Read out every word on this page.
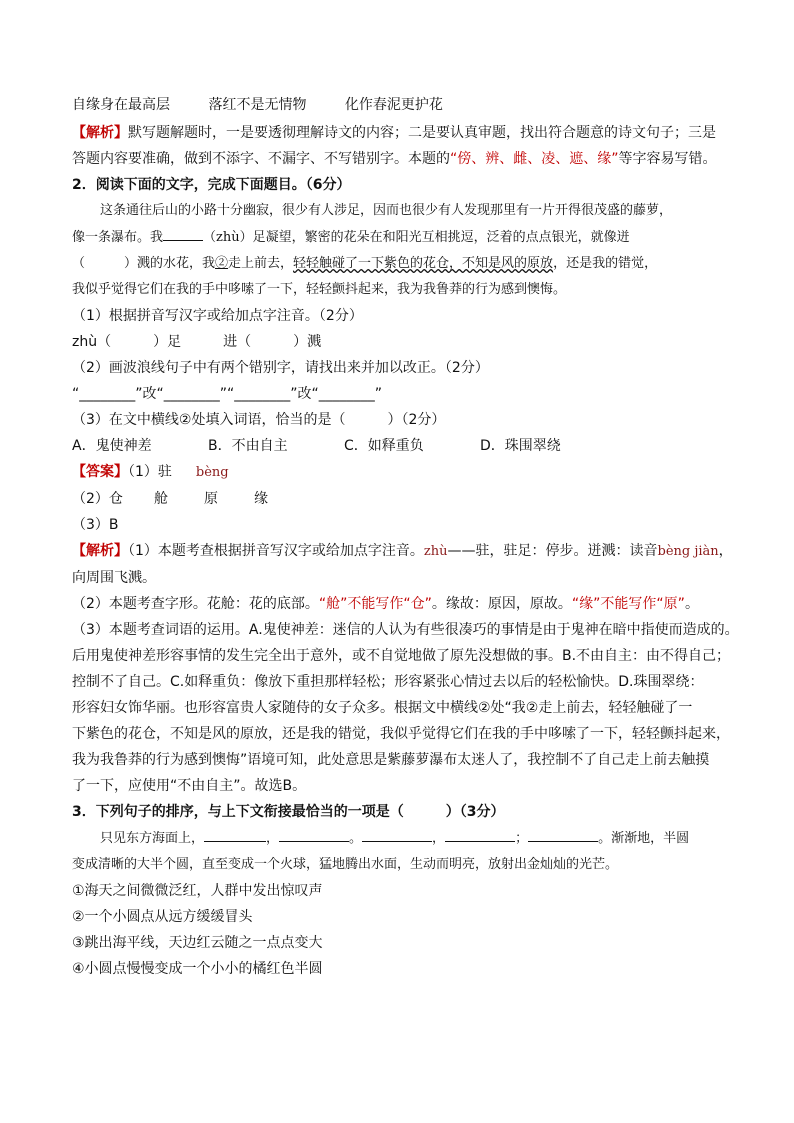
自缘身在最高层	落红不是无情物	化作春泥更护花

【解析】默写题解题时，一是要透彻理解诗文的内容；二是要认真审题，找出符合题意的诗文句子；三是

答题内容要准确，做到不添字、不漏字、不写错别字。本题的“傍、辨、雌、凌、遮、缘”等字容易写错。

2．阅读下面的文字，完成下面题目。（6分）

这条通往后山的小路十分幽寂，很少有人涉足，因而也很少有人发现那里有一片开得很茂盛的藤萝，

像一条瀑布。我	（zhù）足凝望，繁密的花朵在和阳光互相挑逗，泛着的点点银光，就像迸

（　　　）溅的水花，我②走上前去，轻轻触碰了一下紫色的花仓，不知是风的原放，还是我的错觉，

我似乎觉得它们在我的手中哆嗦了一下，轻轻颤抖起来，我为我鲁莽的行为感到懊悔。

（1）根据拼音写汉字或给加点字注音。（2分）

zhù（　　　）足　　　进（　　　）溅

（2）画波浪线句子中有两个错别字，请找出来并加以改正。（2分）

“________”改“________”“________”改“________”

（3）在文中横线②处填入词语，恰当的是（　　　）（2分）

A．鬼使神差	B．不由自主	C．如释重负	D．珠围翠绕

【答案】（1）驻 bèng

（2）仓 舱	原	缘

（3）B

【解析】（1）本题考查根据拼音写汉字或给加点字注音。zhù——驻，驻足：停步。迸溅：读音bèng jiàn，

向周围飞溅。

（2）本题考查字形。花舱：花的底部。“舱”不能写作“仓”。缘故：原因，原故。“缘”不能写作“原”。

（3）本题考查词语的运用。A.鬼使神差：迷信的人认为有些很凑巧的事情是由于鬼神在暗中指使而造成的。

后用鬼使神差形容事情的发生完全出于意外，或不自觉地做了原先没想做的事。B.不由自主：由不得自己；

控制不了自己。C.如释重负：像放下重担那样轻松；形容紧张心情过去以后的轻松愉快。D.珠围翠绕：

形容妇女饰华丽。也形容富贵人家随侍的女子众多。根据文中横线②处“我②走上前去，轻轻触碰了一

下紫色的花仓，不知是风的原放，还是我的错觉，我似乎觉得它们在我的手中哆嗦了一下，轻轻颤抖起来，

我为我鲁莽的行为感到懊悔”语境可知，此处意思是紫藤萝瀑布太迷人了，我控制不了自己走上前去触摸

了一下，应使用“不由自主”。故选B。

3．下列句子的排序，与上下文衔接最恰当的一项是（　　　）（3分）

只见东方海面上，	，	。	，	；	。渐渐地，半圆

变成清晰的大半个圆，直至变成一个火球，猛地腾出水面，生动而明亮，放射出金灿灿的光芒。

①海天之间微微泛红，人群中发出惊叹声

②一个小圆点从远方缓缓冒头

③跳出海平线，天边红云随之一点点变大

④小圆点慢慢变成一个小小的橘红色半圆
